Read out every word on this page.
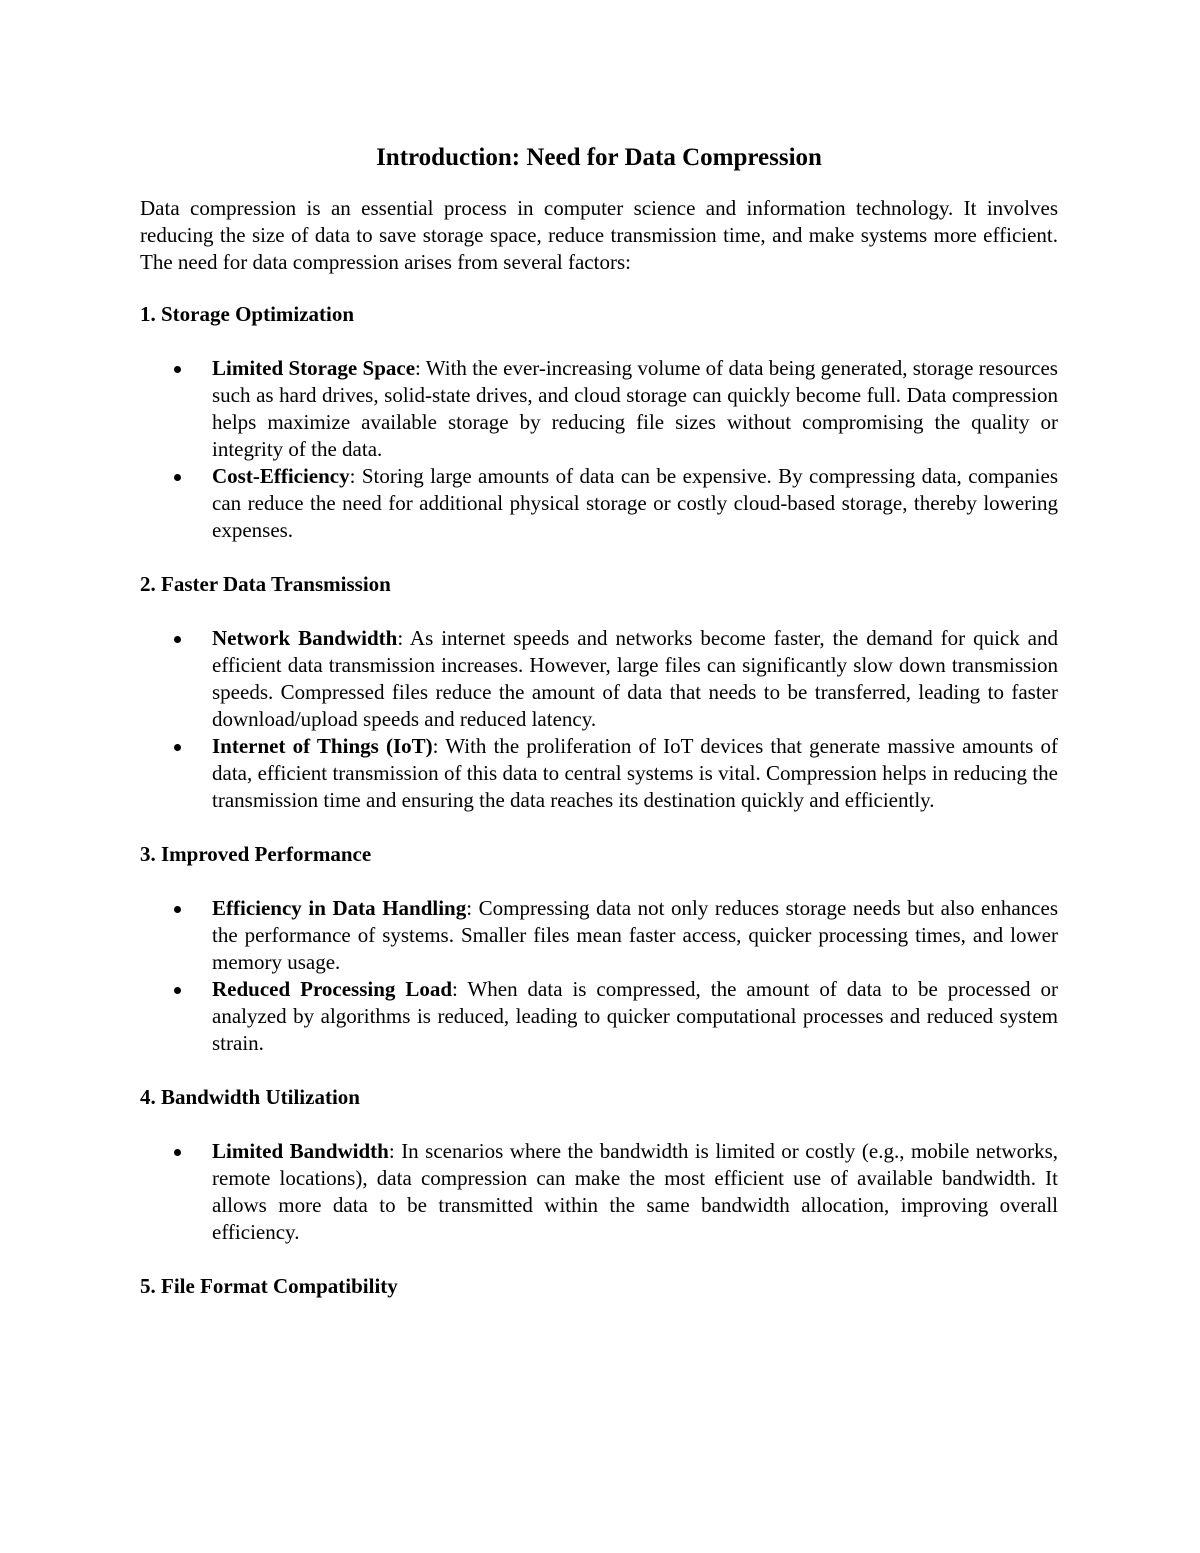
Introduction: Need for Data Compression

Data compression is an essential process in computer science and information technology. It involves reducing the size of data to save storage space, reduce transmission time, and make systems more efficient. The need for data compression arises from several factors:

1. Storage Optimization
Limited Storage Space: With the ever-increasing volume of data being generated, storage resources such as hard drives, solid-state drives, and cloud storage can quickly become full. Data compression helps maximize available storage by reducing file sizes without compromising the quality or integrity of the data.
Cost-Efficiency: Storing large amounts of data can be expensive. By compressing data, companies can reduce the need for additional physical storage or costly cloud-based storage, thereby lowering expenses.
2. Faster Data Transmission
Network Bandwidth: As internet speeds and networks become faster, the demand for quick and efficient data transmission increases. However, large files can significantly slow down transmission speeds. Compressed files reduce the amount of data that needs to be transferred, leading to faster download/upload speeds and reduced latency.
Internet of Things (IoT): With the proliferation of IoT devices that generate massive amounts of data, efficient transmission of this data to central systems is vital. Compression helps in reducing the transmission time and ensuring the data reaches its destination quickly and efficiently.
3. Improved Performance
Efficiency in Data Handling: Compressing data not only reduces storage needs but also enhances the performance of systems. Smaller files mean faster access, quicker processing times, and lower memory usage.
Reduced Processing Load: When data is compressed, the amount of data to be processed or analyzed by algorithms is reduced, leading to quicker computational processes and reduced system strain.
4. Bandwidth Utilization
Limited Bandwidth: In scenarios where the bandwidth is limited or costly (e.g., mobile networks, remote locations), data compression can make the most efficient use of available bandwidth. It allows more data to be transmitted within the same bandwidth allocation, improving overall efficiency.
5. File Format Compatibility
